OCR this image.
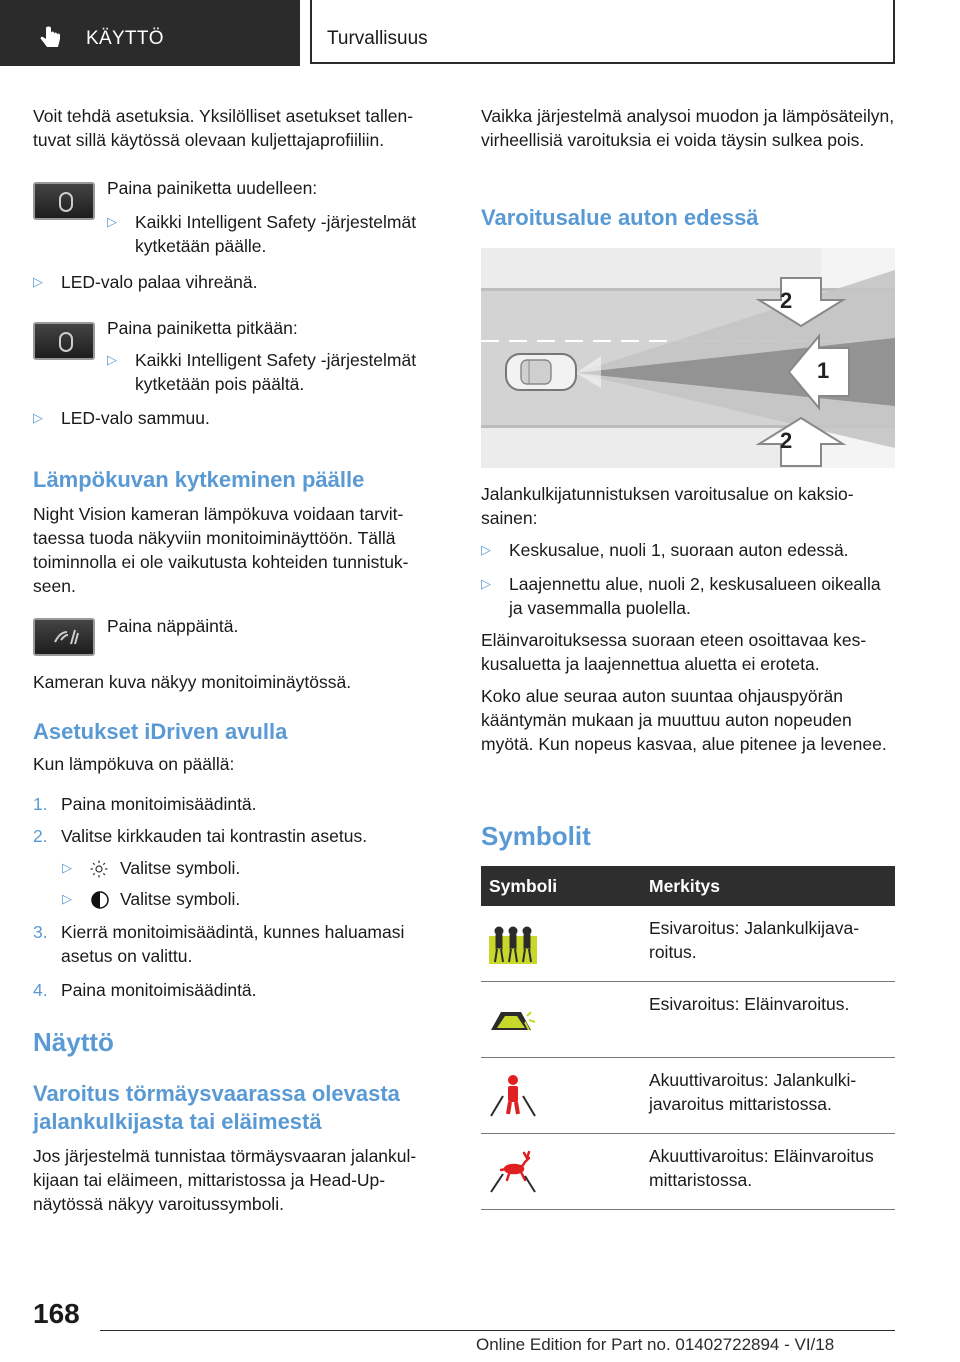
KÄYTTÖ	Turvallisuus

Voit tehdä asetuksia. Yksilölliset asetukset tallentuvat sillä käytössä olevaan kuljettajaprofiiliin.

Paina painiketta uudelleen:
▷ Kaikki Intelligent Safety -järjestelmät kytketään päälle.
▷ LED-valo palaa vihreänä.
Paina painiketta pitkään:
▷ Kaikki Intelligent Safety -järjestelmät kytketään pois päältä.
▷ LED-valo sammuu.
Lämpökuvan kytkeminen päälle

Night Vision kameran lämpökuva voidaan tarvittaessa tuoda näkyviin monitoiminäyttöön. Tällä toiminnolla ei ole vaikutusta kohteiden tunnistukseen.

Paina näppäintä.

Kameran kuva näkyy monitoiminäytössä.

Asetukset iDriven avulla

Kun lämpökuva on päällä:

1. Paina monitoimisäädintä.
2. Valitse kirkkauden tai kontrastin asetus.
▷	Valitse symboli.
▷	Valitse symboli.
3. Kierrä monitoimisäädintä, kunnes haluamasi asetus on valittu.
4. Paina monitoimisäädintä.
Näyttö
Varoitus törmäysvaarassa olevasta jalankulkijasta tai eläimestä

Jos järjestelmä tunnistaa törmäysvaaran jalankulkijaan tai eläimeen, mittaristossa ja Head-Up-näytössä näkyy varoitussymboli.

Vaikka järjestelmä analysoi muodon ja lämpösäteilyn, virheellisiä varoituksia ei voida täysin sulkea pois.

Varoitusalue auton edessä
2
1
2

Jalankulkijatunnistuksen varoitusalue on kaksiosainen:

▷ Keskusalue, nuoli 1, suoraan auton edessä.
▷ Laajennettu alue, nuoli 2, keskusalueen oikealla ja vasemmalla puolella.

Eläinvaroituksessa suoraan eteen osoittavaa keskusaluetta ja laajennettua aluetta ei eroteta.

Koko alue seuraa auton suuntaa ohjauspyörän kääntymän mukaan ja muuttuu auton nopeuden myötä. Kun nopeus kasvaa, alue pitenee ja levenee.

Symbolit
Symboli	Merkitys
Esivaroitus: Jalankulkijavaroitus.
Esivaroitus: Eläinvaroitus.
Akuuttivaroitus: Jalankulkijavaroitus mittaristossa.
Akuuttivaroitus: Eläinvaroitus mittaristossa.
168
Online Edition for Part no. 01402722894 - VI/18
